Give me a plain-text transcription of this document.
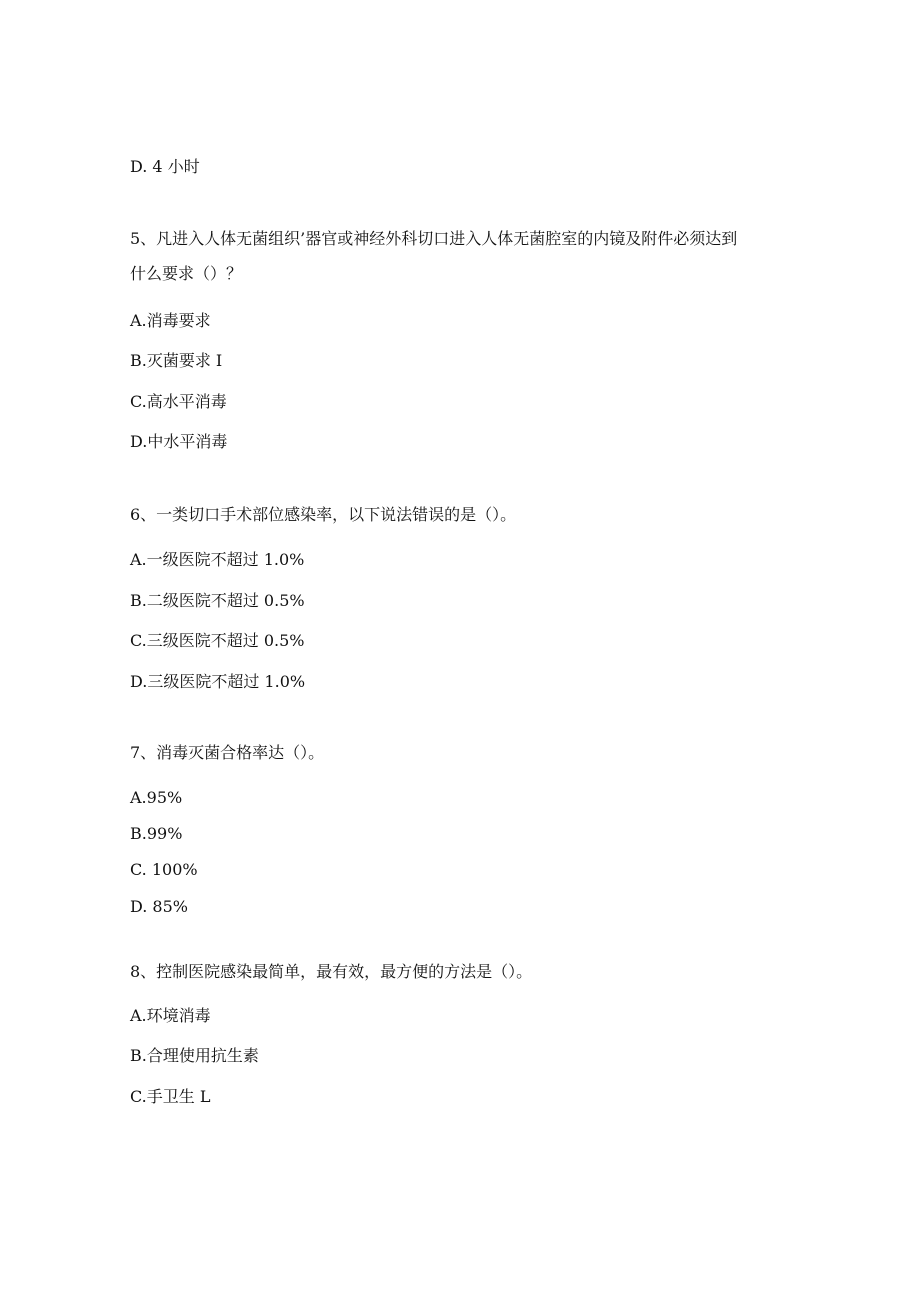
D. 4 小时
5、凡进入人体无菌组织’器官或神经外科切口进入人体无菌腔室的内镜及附件必须达到
什么要求（）？
A.消毒要求
B.灭菌要求 I
C.高水平消毒
D.中水平消毒
6、一类切口手术部位感染率，以下说法错误的是（）。
A.一级医院不超过 1.0%
B.二级医院不超过 0.5%
C.三级医院不超过 0.5%
D.三级医院不超过 1.0%
7、消毒灭菌合格率达（）。
A.95%
B.99%
C. 100%
D. 85%
8、控制医院感染最简单，最有效，最方便的方法是（）。
A.环境消毒
B.合理使用抗生素
C.手卫生 L
